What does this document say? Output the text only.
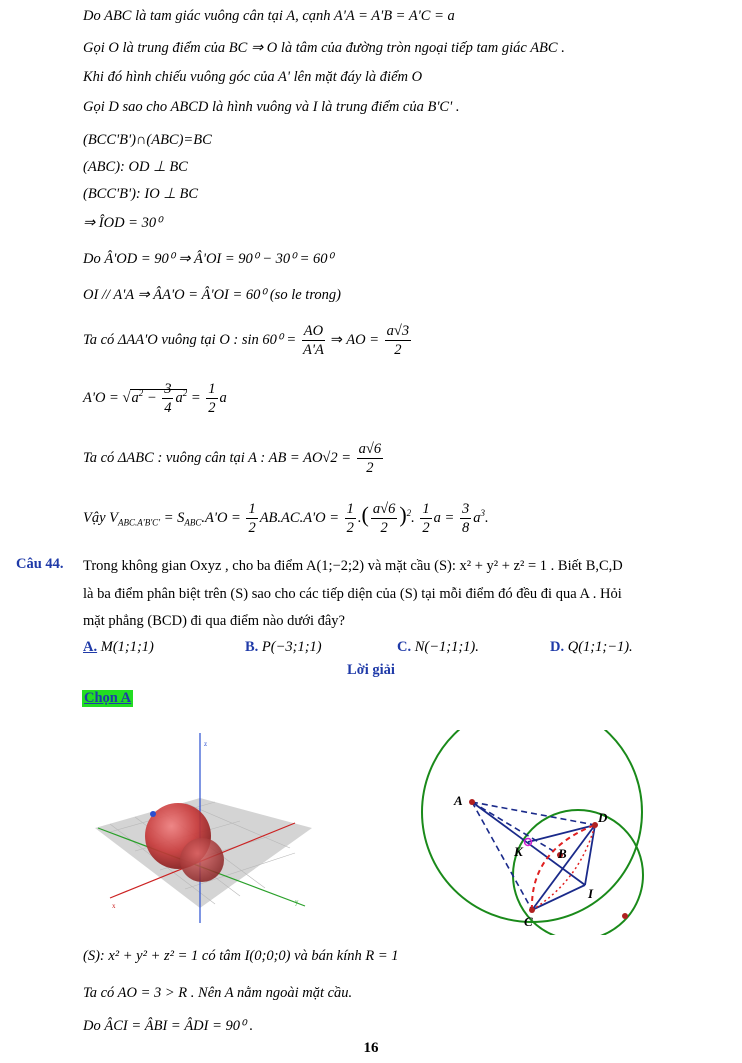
Do ABC là tam giác vuông cân tại A, cạnh A'A = A'B = A'C = a
Gọi O là trung điểm của BC ⇒ O là tâm của đường tròn ngoại tiếp tam giác ABC .
Khi đó hình chiếu vuông góc của A' lên mặt đáy là điểm O
Gọi D sao cho ABCD là hình vuông và I là trung điểm của B'C' .
(BCC'B')∩(ABC)=BC
(ABC): OD ⊥ BC
(BCC'B'): IO ⊥ BC
⇒ ÎOD = 30⁰
Do Â'OD = 90⁰ ⇒ Â'OI = 90⁰ − 30⁰ = 60⁰
OI // A'A ⇒ ÂA'O = Â'OI = 60⁰ (so le trong)
Ta có ΔAA'O vuông tại O : $\sin 60^0 = \frac{AO}{A'A}$ ⇒ AO = $\frac{a√3}{2}$
$A'O = √a^2 - \frac{3}{4} a^2 = \frac{1}{2}$ a
Ta có ΔABC : vuông cân tại A : AB = $AO√2 = \frac{a√6}{2}$
Vậy $V_{ABC.A'B'C'} = S_{ABC}.A'O = \frac{1}{2} AB.AC.A'O = \frac{1}{2}$ .( $\frac{a√6}{2} )^2$. $\frac{1}{2}$ $a = \frac{3}{8} a^3$.
Câu 44. Trong không gian Oxyz , cho ba điểm A(1;−2;2) và mặt cầu (S): x² + y² + z² = 1 . Biết B,C,D
là ba điểm phân biệt trên (S) sao cho các tiếp diện của (S) tại mỗi điểm đó đều đi qua A . Hỏi
mặt phẳng (BCD) đi qua điểm nào dưới đây?
A. M(1;1;1)	B. P(−3;1;1)	C. N(−1;1;1).	D. Q(1;1;−1).
Lời giải
Chọn A
z
x	y
A
D
C
B
K
I
(S): x² + y² + z² = 1 có tâm I(0;0;0) và bán kính R = 1
Ta có AO = 3 > R . Nên A nằm ngoài mặt cầu.
Do ÂCI = ÂBI = ÂDI = 90⁰ .
16
